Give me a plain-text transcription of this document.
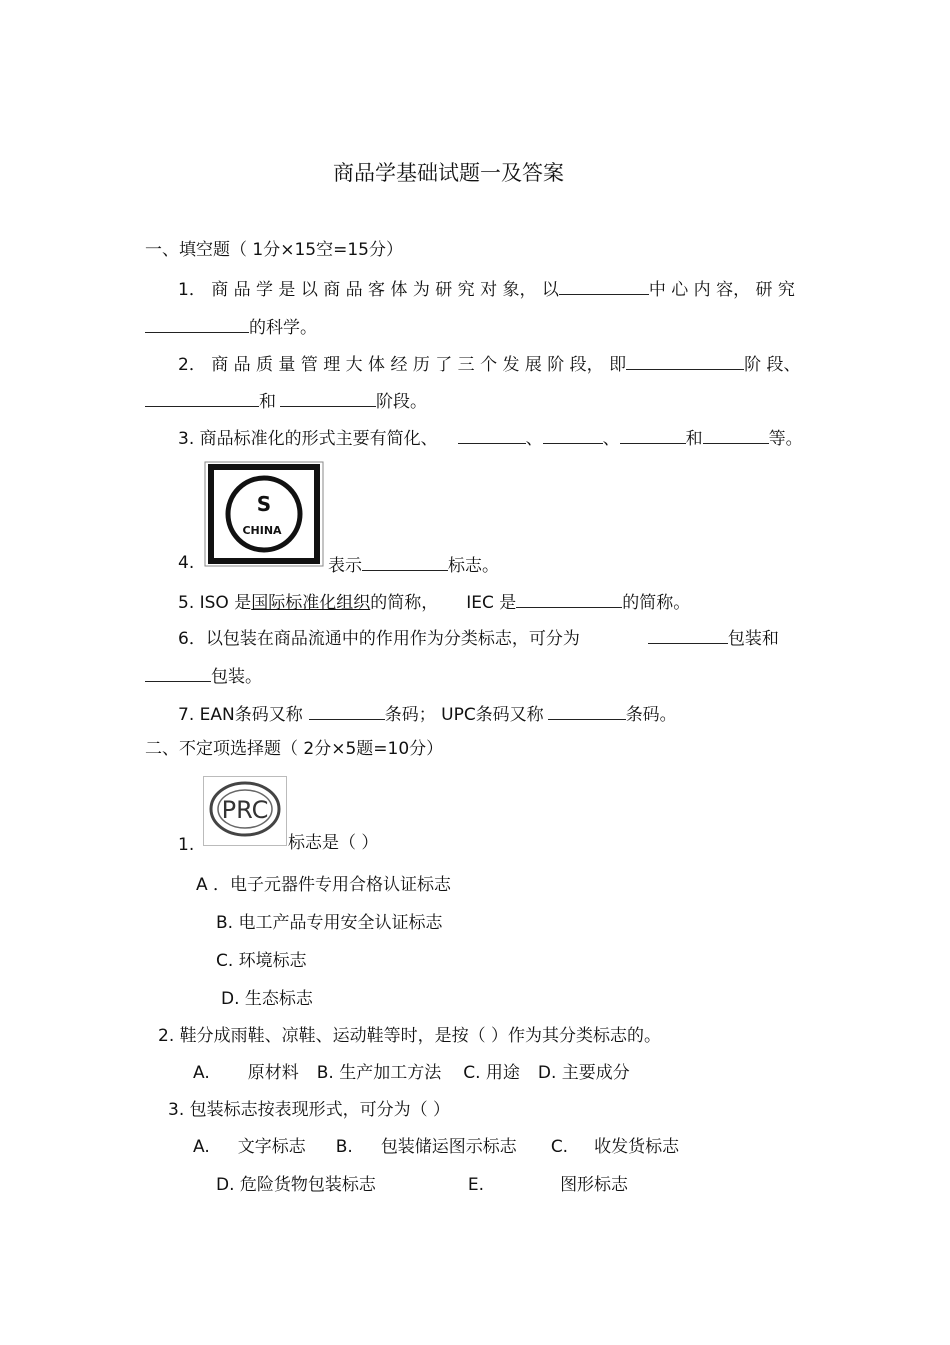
商品学基础试题一及答案
一、填空题（ 1分×15空=15分）
1． 商 品 学 是 以 商 品 客 体 为 研 究 对 象， 以	中 心 内 容， 研 究
的科学。
2． 商 品 质 量 管 理 大 体 经 历 了 三 个 发 展 阶 段， 即	阶 段、
和	阶段。
3. 商品标准化的形式主要有简化、	、	、	和	等。
S
CHINA
4.	表示	标志。
5. ISO 是国际标准化组织的简称， IEC 是	的简称。
6．以包装在商品流通中的作用作为分类标志，可分为	包装和
包装。
7. EAN条码又称	条码； UPC条码又称	条码。
二、不定项选择题（ 2分×5题=10分）
PRC
1.	标志是（ ）
A ．电子元器件专用合格认证标志
B. 电工产品专用安全认证标志
C. 环境标志
D. 生态标志
2. 鞋分成雨鞋、凉鞋、运动鞋等时，是按（ ）作为其分类标志的。
A. 原材料 B. 生产加工方法 C. 用途 D. 主要成分
3. 包装标志按表现形式，可分为（ ）
A. 文字标志 B. 包装储运图示标志 C. 收发货标志
D. 危险货物包装标志	E.	图形标志
